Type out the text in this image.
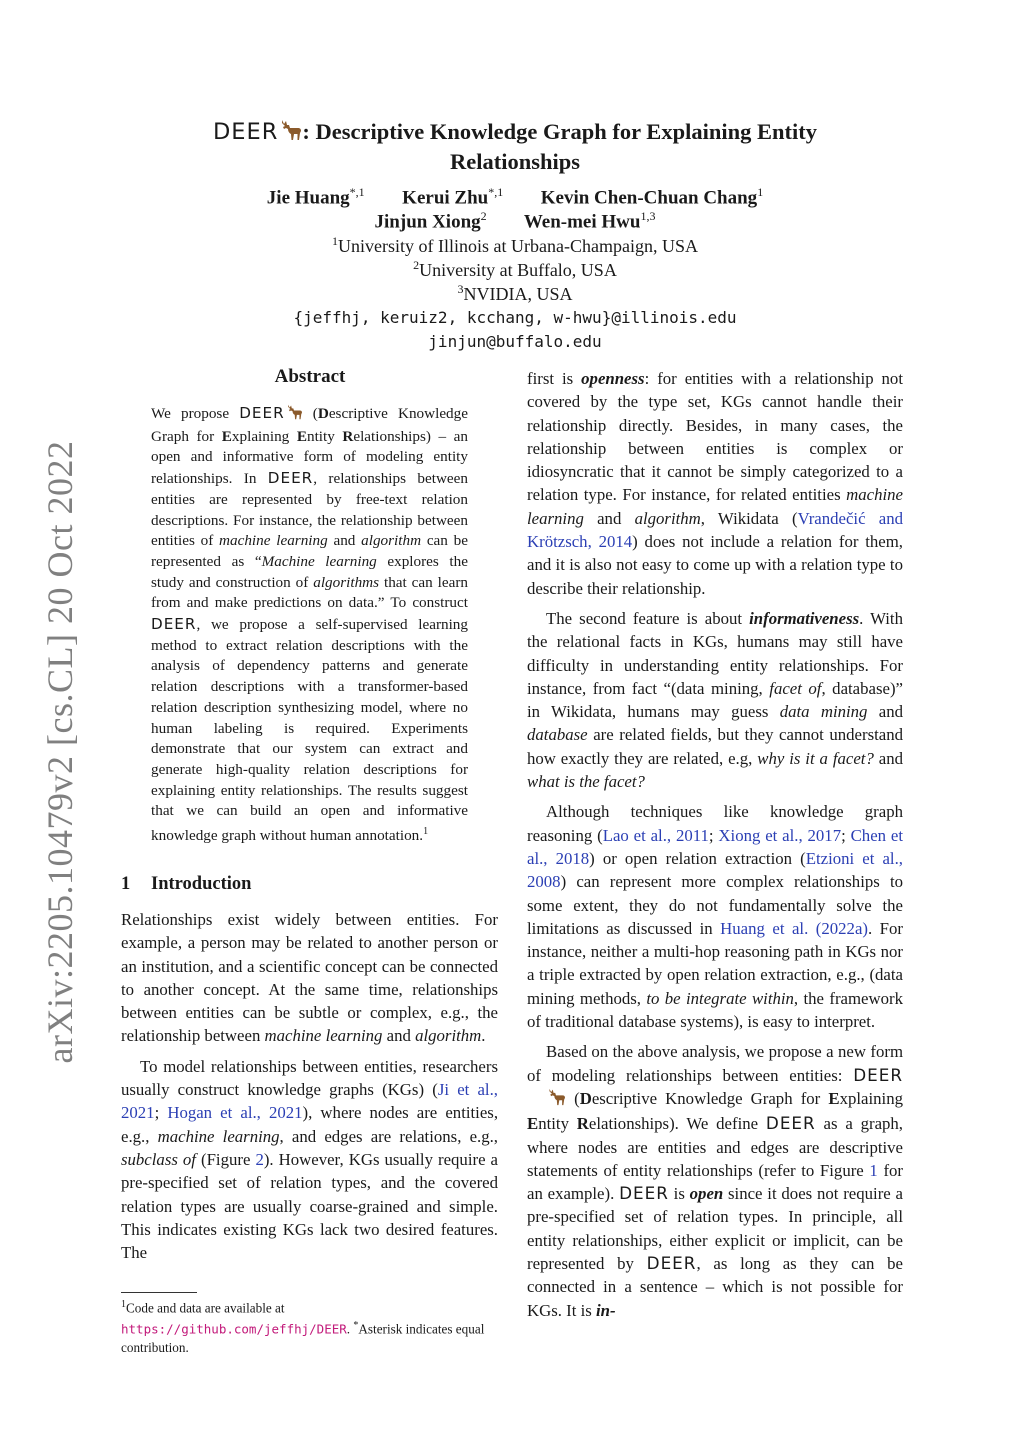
arXiv:2205.10479v2 [cs.CL] 20 Oct 2022
DEER : Descriptive Knowledge Graph for Explaining Entity
Relationships
Jie Huang$^{*,1}$ Kerui Zhu$^{*,1}$ Kevin Chen-Chuan Chang$^1$
Jinjun Xiong$^2$ Wen-mei Hwu$^{1,3}$
$^1$University of Illinois at Urbana-Champaign, USA
$^2$University at Buffalo, USA
$^3$NVIDIA, USA
{jeffhj, keruiz2, kcchang, w-hwu}@illinois.edu
jinjun@buffalo.edu
Abstract

We propose DEER (Descriptive Knowledge Graph for Explaining Entity Relationships) – an open and informative form of modeling entity relationships. In DEER, relationships between entities are represented by free-text relation descriptions. For instance, the relationship between entities of machine learning and algorithm can be represented as “Machine learning explores the study and construction of algorithms that can learn from and make predictions on data.” To construct DEER, we propose a self-supervised learning method to extract relation descriptions with the analysis of dependency patterns and generate relation descriptions with a transformer-based relation description synthesizing model, where no human labeling is required. Experiments demonstrate that our system can extract and generate high-quality relation descriptions for explaining entity relationships. The results suggest that we can build an open and informative knowledge graph without human annotation.$^1$

1 Introduction

Relationships exist widely between entities. For example, a person may be related to another person or an institution, and a scientific concept can be connected to another concept. At the same time, relationships between entities can be subtle or complex, e.g., the relationship between machine learning and algorithm.

To model relationships between entities, researchers usually construct knowledge graphs (KGs) (Ji et al., 2021; Hogan et al., 2021), where nodes are entities, e.g., machine learning, and edges are relations, e.g., subclass of (Figure 2). However, KGs usually require a pre-specified set of relation types, and the covered relation types are usually coarse-grained and simple. This indicates existing KGs lack two desired features. The

$^1$Code and data are available at https://github.com/jeffhj/DEER. *Asterisk indicates equal contribution.

first is openness: for entities with a relationship not covered by the type set, KGs cannot handle their relationship directly. Besides, in many cases, the relationship between entities is complex or idiosyncratic that it cannot be simply categorized to a relation type. For instance, for related entities machine learning and algorithm, Wikidata (Vrandečić and Krötzsch, 2014) does not include a relation for them, and it is also not easy to come up with a relation type to describe their relationship.

The second feature is about informativeness. With the relational facts in KGs, humans may still have difficulty in understanding entity relationships. For instance, from fact “(data mining, facet of, database)” in Wikidata, humans may guess data mining and database are related fields, but they cannot understand how exactly they are related, e.g, why is it a facet? and what is the facet?

Although techniques like knowledge graph reasoning (Lao et al., 2011; Xiong et al., 2017; Chen et al., 2018) or open relation extraction (Etzioni et al., 2008) can represent more complex relationships to some extent, they do not fundamentally solve the limitations as discussed in Huang et al. (2022a). For instance, neither a multi-hop reasoning path in KGs nor a triple extracted by open relation extraction, e.g., (data mining methods, to be integrate within, the framework of traditional database systems), is easy to interpret.

Based on the above analysis, we propose a new form of modeling relationships between entities: DEER (Descriptive Knowledge Graph for Explaining Entity Relationships). We define DEER as a graph, where nodes are entities and edges are descriptive statements of entity relationships (refer to Figure 1 for an example). DEER is open since it does not require a pre-specified set of relation types. In principle, all entity relationships, either explicit or implicit, can be represented by DEER, as long as they can be connected in a sentence – which is not possible for KGs. It is in-
